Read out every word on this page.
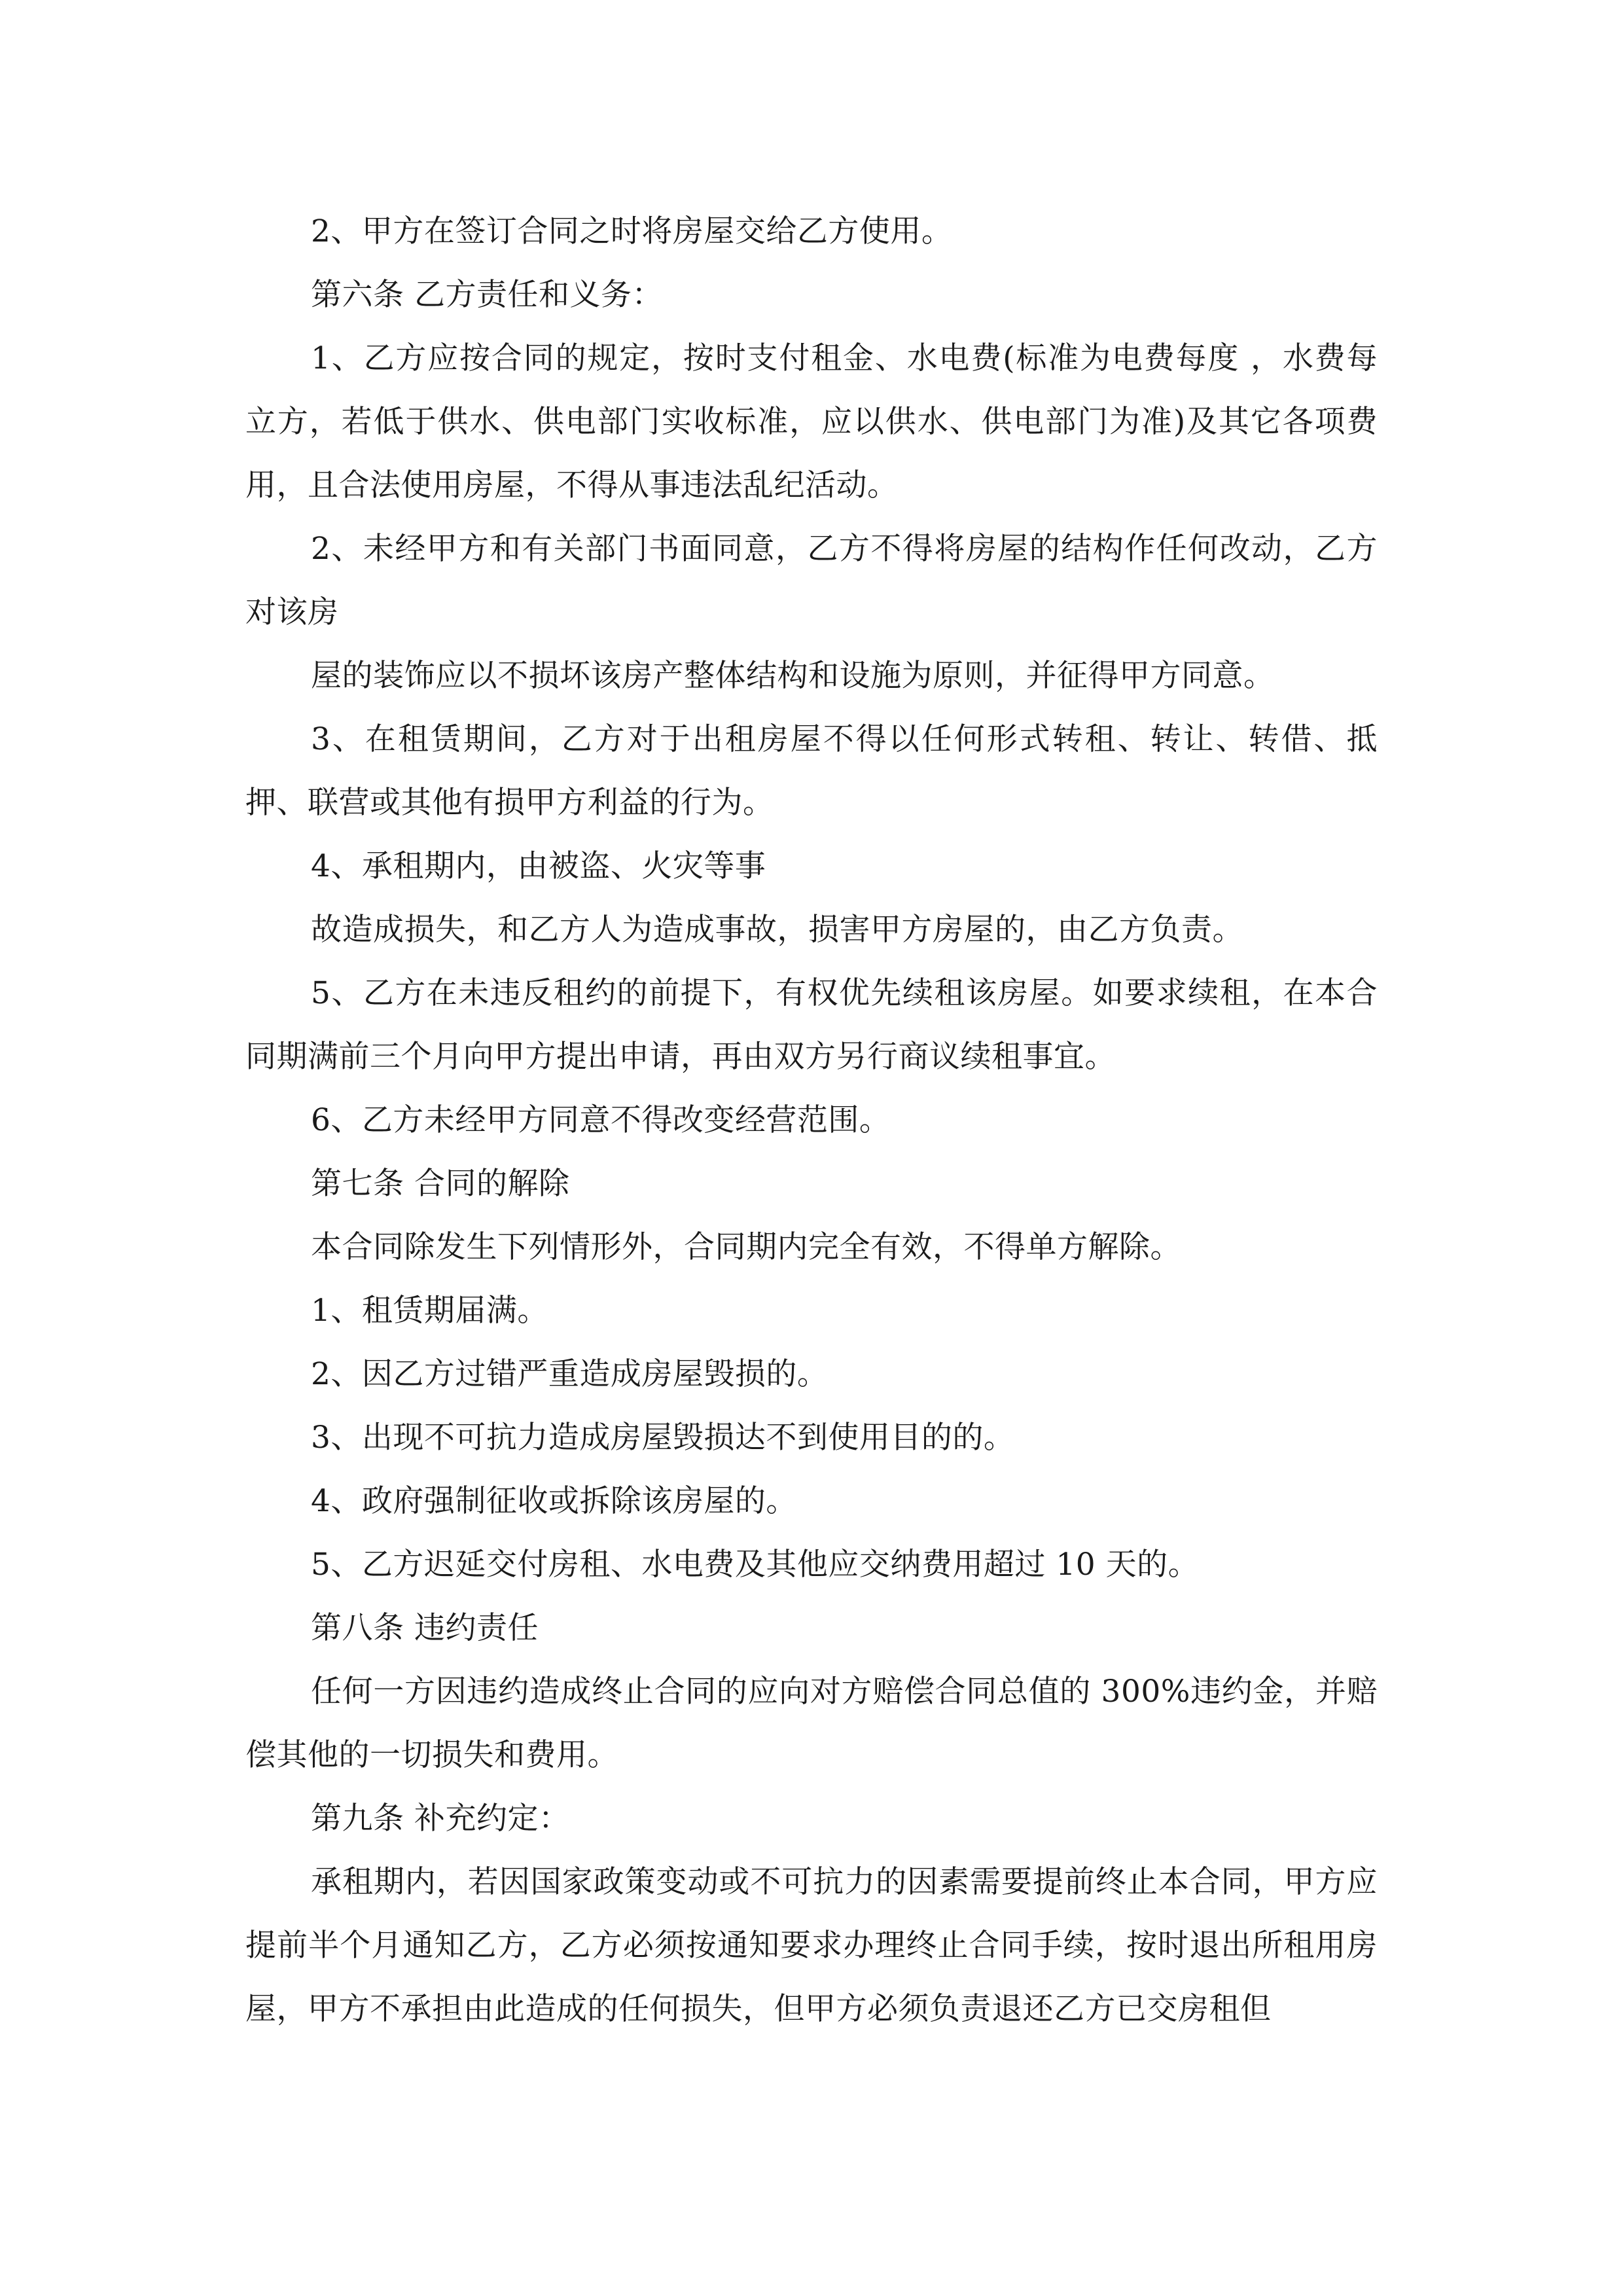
2、甲方在签订合同之时将房屋交给乙方使用。

第六条 乙方责任和义务：

1、乙方应按合同的规定，按时支付租金、水电费(标准为电费每度 ，水费每立方，若低于供水、供电部门实收标准，应以供水、供电部门为准)及其它各项费用，且合法使用房屋，不得从事违法乱纪活动。

2、未经甲方和有关部门书面同意，乙方不得将房屋的结构作任何改动，乙方对该房

屋的装饰应以不损坏该房产整体结构和设施为原则，并征得甲方同意。

3、在租赁期间，乙方对于出租房屋不得以任何形式转租、转让、转借、抵押、联营或其他有损甲方利益的行为。

4、承租期内，由被盗、火灾等事

故造成损失，和乙方人为造成事故，损害甲方房屋的，由乙方负责。

5、乙方在未违反租约的前提下，有权优先续租该房屋。如要求续租，在本合同期满前三个月向甲方提出申请，再由双方另行商议续租事宜。

6、乙方未经甲方同意不得改变经营范围。

第七条 合同的解除

本合同除发生下列情形外，合同期内完全有效，不得单方解除。

1、租赁期届满。

2、因乙方过错严重造成房屋毁损的。

3、出现不可抗力造成房屋毁损达不到使用目的的。

4、政府强制征收或拆除该房屋的。

5、乙方迟延交付房租、水电费及其他应交纳费用超过 10 天的。

第八条 违约责任

任何一方因违约造成终止合同的应向对方赔偿合同总值的 300%违约金，并赔偿其他的一切损失和费用。

第九条 补充约定：

承租期内，若因国家政策变动或不可抗力的因素需要提前终止本合同，甲方应提前半个月通知乙方，乙方必须按通知要求办理终止合同手续，按时退出所租用房屋，甲方不承担由此造成的任何损失，但甲方必须负责退还乙方已交房租但
